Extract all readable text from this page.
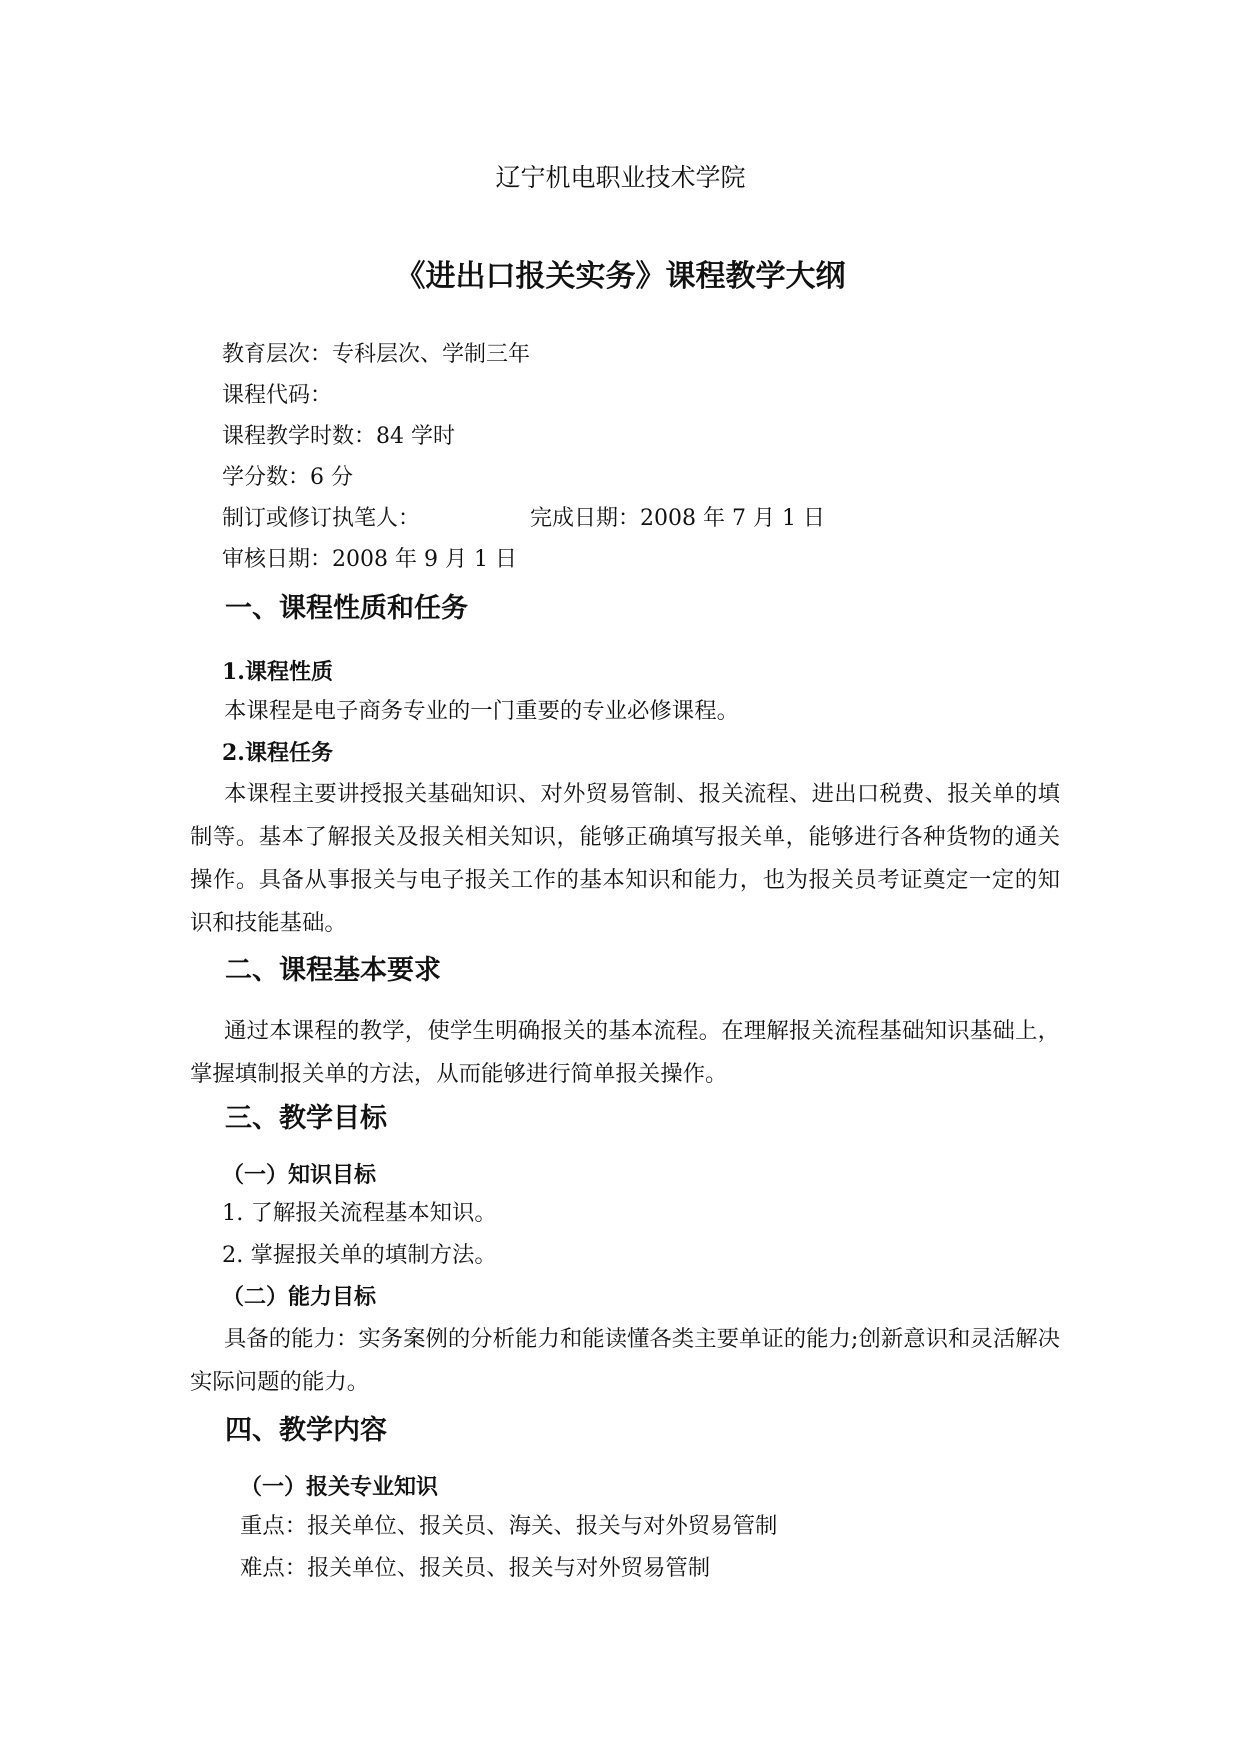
辽宁机电职业技术学院
《进出口报关实务》课程教学大纲
教育层次：专科层次、学制三年
课程代码：
课程教学时数：84 学时
学分数：6 分
制订或修订执笔人：	完成日期：2008 年 7 月 1 日
审核日期：2008 年 9 月 1 日
一、课程性质和任务
1.课程性质
本课程是电子商务专业的一门重要的专业必修课程。
2.课程任务
本课程主要讲授报关基础知识、对外贸易管制、报关流程、进出口税费、报关单的填制等。基本了解报关及报关相关知识，能够正确填写报关单，能够进行各种货物的通关操作。具备从事报关与电子报关工作的基本知识和能力，也为报关员考证奠定一定的知识和技能基础。
二、课程基本要求
通过本课程的教学，使学生明确报关的基本流程。在理解报关流程基础知识基础上，掌握填制报关单的方法，从而能够进行简单报关操作。
三、教学目标
（一）知识目标
1. 了解报关流程基本知识。
2. 掌握报关单的填制方法。
（二）能力目标
具备的能力：实务案例的分析能力和能读懂各类主要单证的能力;创新意识和灵活解决实际问题的能力。
四、教学内容
（一）报关专业知识
重点：报关单位、报关员、海关、报关与对外贸易管制
难点：报关单位、报关员、报关与对外贸易管制
